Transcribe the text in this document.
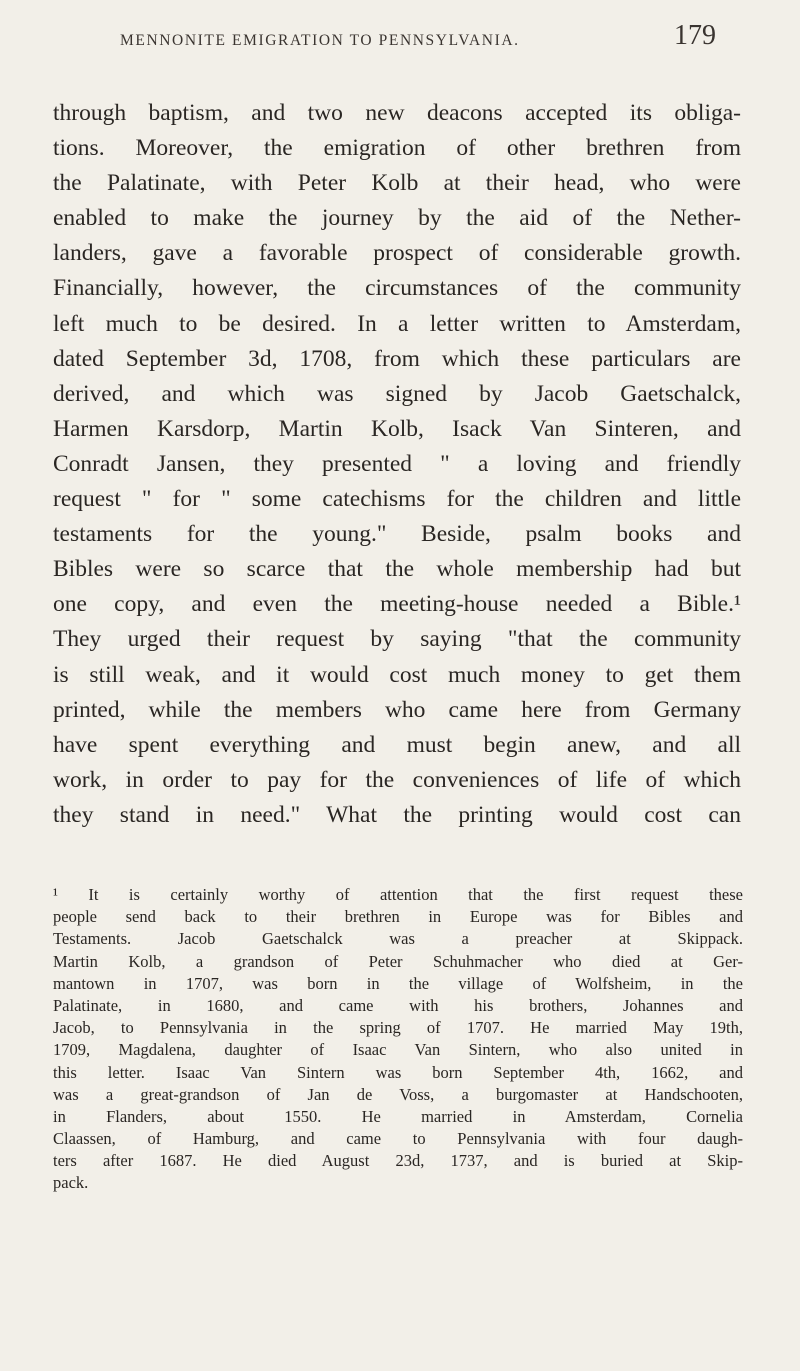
MENNONITE EMIGRATION TO PENNSYLVANIA.	179
through baptism, and two new deacons accepted its obliga-
tions. Moreover, the emigration of other brethren from
the Palatinate, with Peter Kolb at their head, who were
enabled to make the journey by the aid of the Nether-
landers, gave a favorable prospect of considerable growth.
Financially, however, the circumstances of the community
left much to be desired. In a letter written to Amsterdam,
dated September 3d, 1708, from which these particulars are
derived, and which was signed by Jacob Gaetschalck,
Harmen Karsdorp, Martin Kolb, Isack Van Sinteren, and
Conradt Jansen, they presented " a loving and friendly
request " for " some catechisms for the children and little
testaments for the young." Beside, psalm books and
Bibles were so scarce that the whole membership had but
one copy, and even the meeting-house needed a Bible.¹
They urged their request by saying "that the community
is still weak, and it would cost much money to get them
printed, while the members who came here from Germany
have spent everything and must begin anew, and all
work, in order to pay for the conveniences of life of which
they stand in need." What the printing would cost can
¹ It is certainly worthy of attention that the first request these
people send back to their brethren in Europe was for Bibles and
Testaments. Jacob Gaetschalck was a preacher at Skippack.
Martin Kolb, a grandson of Peter Schuhmacher who died at Ger-
mantown in 1707, was born in the village of Wolfsheim, in the
Palatinate, in 1680, and came with his brothers, Johannes and
Jacob, to Pennsylvania in the spring of 1707. He married May 19th,
1709, Magdalena, daughter of Isaac Van Sintern, who also united in
this letter. Isaac Van Sintern was born September 4th, 1662, and
was a great-grandson of Jan de Voss, a burgomaster at Handschooten,
in Flanders, about 1550. He married in Amsterdam, Cornelia
Claassen, of Hamburg, and came to Pennsylvania with four daugh-
ters after 1687. He died August 23d, 1737, and is buried at Skip-
pack.
